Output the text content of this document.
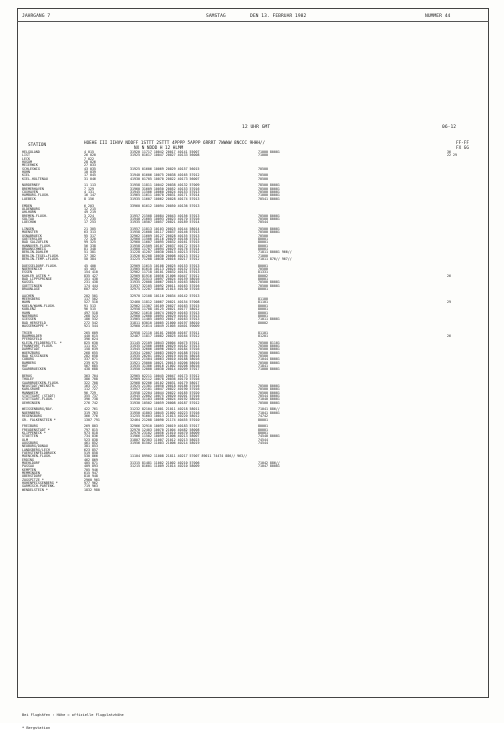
JAHRGANG 7	SAMSTAG	DEN 13. FEBRUAR 1982	NUMMER 44
12 UHR GMT	06-12

STATION

	HOEHE III IIHVV NDDFF 1STTT 2STTT 4PPPP 5APPP 6RRRT 7WWWW 8NCCC 9HHH//

NX N NDDD H 12 HLMM

FF-FF

FX GG

HELGOLAND	4 015	31920 11717 10042 20017 40141 55007	71000 80001	36
LIST	26 020	31925 01617 10047 20027 40133 56008	71000	22 29
LECK	7 022
HUSUM	28 026
MEIERWIK	27 033
SCHLESWIG	43 035	31925 01606 10069 20029 40157 56015	70500
HOHN	10 039
KIEL	17 045	31940 01606 10075 20038 40165 57012	70500
KIEL-HOLTENAU	31 046	41930 01705 10070 20022 40173 56007	70500
NORDERNEY	11 113	31958 11811 10042 20038 40132 57009	78500 80001
BREMERHAVEN	7 129	31960 31609 10050 20052 40153 57016	70500 80001
CUXHAVEN	4 131	31945 11506 10060 20024 40153 57013	70500 80001
HAMBURG-FLUGH.	16 147	31965 11611 10070 20031 40171 57014	71000 80001
LUEBECK	8 156	31935 11607 10062 20028 40174 57013	70541 80001
EMDEN	6 203	33960 01612 10094 20050 40136 57013
OLDENBURG	12 215
AHLHORN	49 219
BREMEN-FLUGH.	3 224	31957 21508 10084 20043 40156 57013	70500 80001
SOLTAU	77 235	31940 21605 10093 20023 40170 57016	70500 80001
LUECHOW	17 253	31935 10507 10057 20021 40189 57014	70544
LINGEN	21 305	31957 11813 10103 20025 40144 58014	70500 80001
MUENSTER	63 313	31958 21608 10117 20037 40146 57013	70500 80001
OSNABRUECK	95 317	32962 11609 10127 20028 40155 57013	70500
GUETERSLOH	72 320	32960 11506 10116 20029 40158 57013	80001
BAD SALZUFLEN	99 325	32960 11607 10095 20032 40161 57015	80001
HANNOVER-FLUGH.	56 338	31958 21509 10107 20037 40172 57013	80001
BRAUNSCHWEIG	81 348	31960 11707 10094 20029 40176 57014	80001
BERLIN-DAHLEM	51 381	31228 41207 10030 20013 40213 57012	71811 80001 966//
BERLIN-TEGEL+FLUGH.	37 382	31926 01208 10030 20008 40213 57012	71000
BERLIN-TEMP.+FLUGH.	50 384	31225 71208 10030 20016 40217 57012	71011 876// 967//
DUESSELDORF-FLUGH.	45 400	32969 11615 10108 20025 40153 57013	80001
NOERVENICH	45 403	31965 01610 10113 20024 40152 57013	70500
ESSEN	154 410	32962 11718 10101 20032 40151 57013	81331
KAHLER ASTEN *	835 427	32969 81916 10056 21006 40447 57012	80002	26
BAD LIPPSPRINGE	151 430	32962 31513 10097 20024 40159 58016	80001
KASSEL	231 438	31935 22008 10067 20015 40163 58015	70500 80001
GOETTINGEN	174 444	31937 32105 10092 20011 40163 57016	70500 80001
BRAUNLAGE	607 452	32975 12207 10046 21015 40130 57016	80001
AACHEN	202 501	32970 12108 10116 20034 40142 57013
MEERSBERG	117 502	81100
WAHN	527 510	32460 11812 10067 20021 40154 57008	81101	29
KOELN/WAHN-FLUGH.	91 513	32962 11307 10109 20027 40163 57015	80001
KOBLENZ	96 515	32958 11708 10125 20021 40177 58012	80001
HAHN	497 518	32962 11618 10074 20029 40163 57013	80001
NUERBURG	268 523	32960 12008 10094 20029 40163 57013	80001
GIESSEN	186 532	31965 11405 10093 20017 40163 57013	71011 80001
BAD HERSFELD	272 542	31811 03010 10005 21000 40197 58010	80002
WASSERKUPPE *	921 544	32960 21614 10049 21005 40401 59009
TRIER	265 609	32958 12110 10101 20036 40167 57011	81101
BAUMHOLDER	440 615	32467 11817 10082 20025 40164 57012	81201	26
PFERDSFELD	396 624
KLEIN-FELDBERG/TS. *	825 630	31145 22109 10043 20004 40475 57011	70500 81101
FRANKFURT FLUGH.	111 637	31935 12506 10066 20029 40182 57013	70500 80001
DARMSTADT	158 639	31945 32606 10096 20023 40184 57016	70500 80001
WUERZBURG	268 655	31934 12007 10083 20029 40188 57015	70500 80001
BAD KISSINGEN	282 658	31935 20201 10023 20019 40194 58018	70500
COBURG	337 671	31950 21504 10063 20010 40188 58016	71044 80001
BAMBERG	239 675	31921 25000 10021 20015 40206 58016	70500 80001
HOF	567 685	31935 31306 10016 21002 40208 58016	71841
SAARBRUECKEN	438 688	31950 12000 10030 20014 40209 57017	71000 80001
BERUS	363 704	32965 02211 10045 20047 40173 57012
THOLEY	386 708	32969 02112 10078 20036 40170 57016
SAARBRUECKEN-FLUGH.	322 708	32968 02206 10102 20031 40179 58017
NEUSTADT/WEINSTR.	163 727	31925 21301 10050 20018 40186 57016	70500 80001
KARLSRUHE	112 727	31957 22101 10047 20022 40190 57016	70500 80001
MANNHEIM	96 729	31958 12204 10044 20022 40185 57020	70500 80001
STUTTGART (STADT)	355 737	31945 22002 10075 20020 40201 57016	70544 80001
STUTTGART-FLUGH.	396 738	31940 31103 10056 20024 40192 58016	71040 80001
OEHRINGEN	276 742	31930 10502 10059 20008 40187 57012	70500 80001
WEISSENBURG/BAY.	422 761	31232 82104 11001 21011 40218 58011	71041 886//
NUERNBERG	319 763	31950 41803 10045 21002 40223 57016	71041 80001
REGENSBURG	366 776	31255 91603 10013 21013 40220 58012	74742
GR. FALKENSTEIN *	1307 791	32464 21208 10090 21174 40455 57010	80001
FREIBURG	269 803	32966 32910 10093 20019 40183 57017	80001
FREUDENSTADT *	797 815	32970 12403 10070 21004 40482 58008	80001
KLIPPENECK *	973 818	32970 23102 10056 21010 40470 58009	80001
STOETTEN	734 836	31966 11502 10099 21006 40213 58007	74540 80001
ULM	523 838	31807 82303 11007 21012 40213 58023	74544
AUGSBURG	461 852	31956 81502 11003 21006 40214 58019	74544
NEUBURG/DONAU	381 853
LANDSBERG/LECH	623 857
FUERSTENFELDBRUCK	519 858
MUENCHEN-FLUGH.	530 866	11104 89902 11008 21811 40217 57007 89011 74474 886// 963//
ERDING	462 869
MUEHLDORF	405 871	31315 81481 11002 21002 40210 57006	71042 886//
PASSAU	409 893	31215 81601 11009 21014 40210 58009	71047 80001
KEMPTEN	705 946
MEMMINGEN	615 947
OBERSTDORF	810 948
ZUGSPITZE *	2960 961
HOHENPEISSENBERG *	977 962
GARMISCH-PARTENK.	719 963
WENDELSTEIN *	1832 980

Bei Flughäfen : Höhe = offizielle Flugplatzhöhe

* Bergstation
